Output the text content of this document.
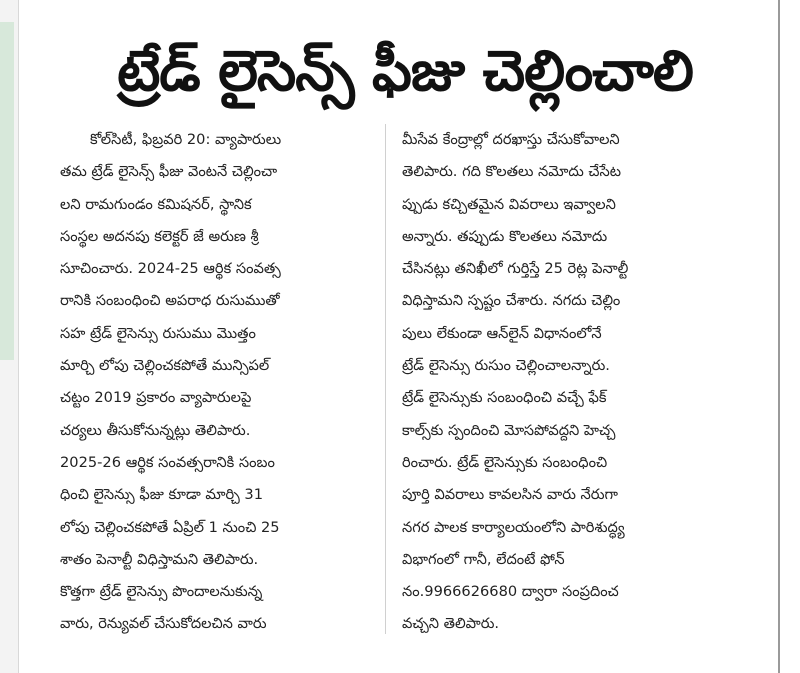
ట్రేడ్ లైసెన్స్ ఫీజు చెల్లించాలి
కోల్‌సిటీ, ఫిబ్రవరి 20: వ్యాపారులు
తమ ట్రేడ్ లైసెన్స్ ఫీజు వెంటనే చెల్లించా
లని రామగుండం కమిషనర్, స్థానిక
సంస్థల అదనపు కలెక్టర్ జే అరుణ శ్రీ
సూచించారు. 2024-25 ఆర్థిక సంవత్స
రానికి సంబంధించి అపరాధ రుసుముతో
సహ ట్రేడ్ లైసెన్సు రుసుము మొత్తం
మార్చి లోపు చెల్లించకపోతే మున్సిపల్
చట్టం 2019 ప్రకారం వ్యాపారులపై
చర్యలు తీసుకోనున్నట్లు తెలిపారు.
2025-26 ఆర్థిక సంవత్సరానికి సంబం
ధించి లైసెన్సు ఫీజు కూడా మార్చి 31
లోపు చెల్లించకపోతే ఏప్రిల్ 1 నుంచి 25
శాతం పెనాల్టీ విధిస్తామని తెలిపారు.
కొత్తగా ట్రేడ్ లైసెన్సు పొందాలనుకున్న
వారు, రెన్యువల్ చేసుకోదలచిన వారు
మీసేవ కేంద్రాల్లో దరఖాస్తు చేసుకోవాలని
తెలిపారు. గది కొలతలు నమోదు చేసేట
ప్పుడు కచ్చితమైన వివరాలు ఇవ్వాలని
అన్నారు. తప్పుడు కొలతలు నమోదు
చేసినట్లు తనిఖీలో గుర్తిస్తే 25 రెట్ల పెనాల్టీ
విధిస్తామని స్పష్టం చేశారు. నగదు చెల్లిం
పులు లేకుండా ఆన్‌లైన్ విధానంలోనే
ట్రేడ్ లైసెన్సు రుసుం చెల్లించాలన్నారు.
ట్రేడ్ లైసెన్సుకు సంబంధించి వచ్చే ఫేక్
కాల్స్‌కు స్పందించి మోసపోవద్దని హెచ్చ
రించారు. ట్రేడ్ లైసెన్సుకు సంబంధించి
పూర్తి వివరాలు కావలసిన వారు నేరుగా
నగర పాలక కార్యాలయంలోని పారిశుద్ధ్య
విభాగంలో గానీ, లేదంటే ఫోన్
నం.9966626680 ద్వారా సంప్రదించ
వచ్చని తెలిపారు.
